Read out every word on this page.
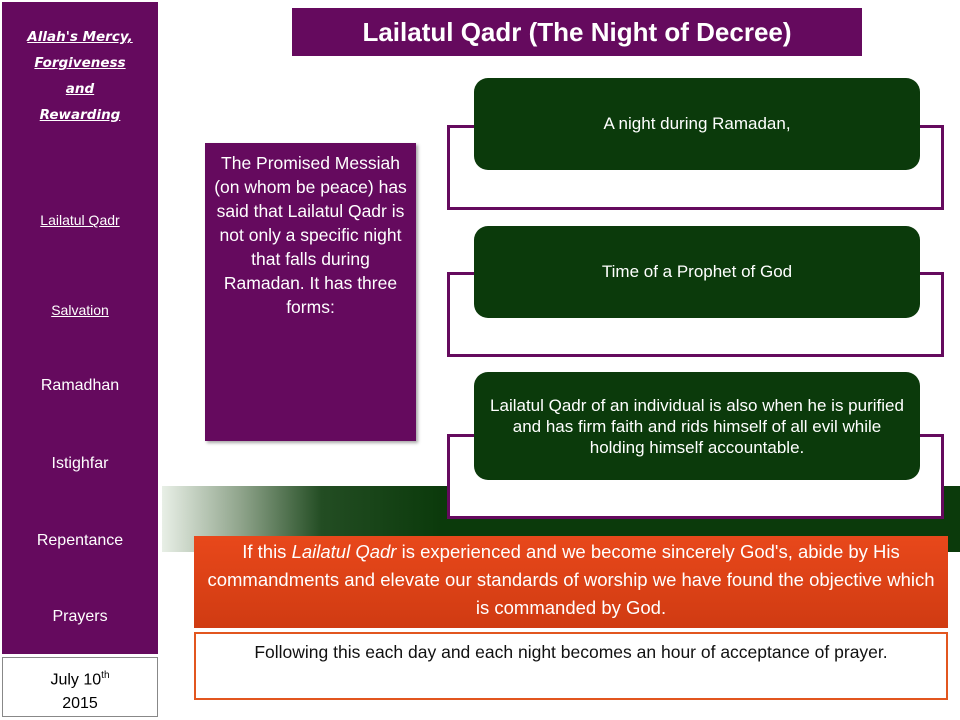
Allah's Mercy,
Forgiveness
and
Rewarding
Lailatul Qadr
Salvation
Ramadhan
Istighfar
Repentance
Prayers
July 10th
2015
Lailatul Qadr (The Night of Decree)
The Promised Messiah (on whom be peace) has said that Lailatul Qadr is not only a specific night that falls during Ramadan. It has three forms:
A night during Ramadan,
Time of a Prophet of God
Lailatul Qadr of an individual is also when he is purified and has firm faith and rids himself of all evil while holding himself accountable.
If this Lailatul Qadr is experienced and we become sincerely God's, abide by His commandments and elevate our standards of worship we have found the objective which is commanded by God.
Following this each day and each night becomes an hour of acceptance of prayer.
